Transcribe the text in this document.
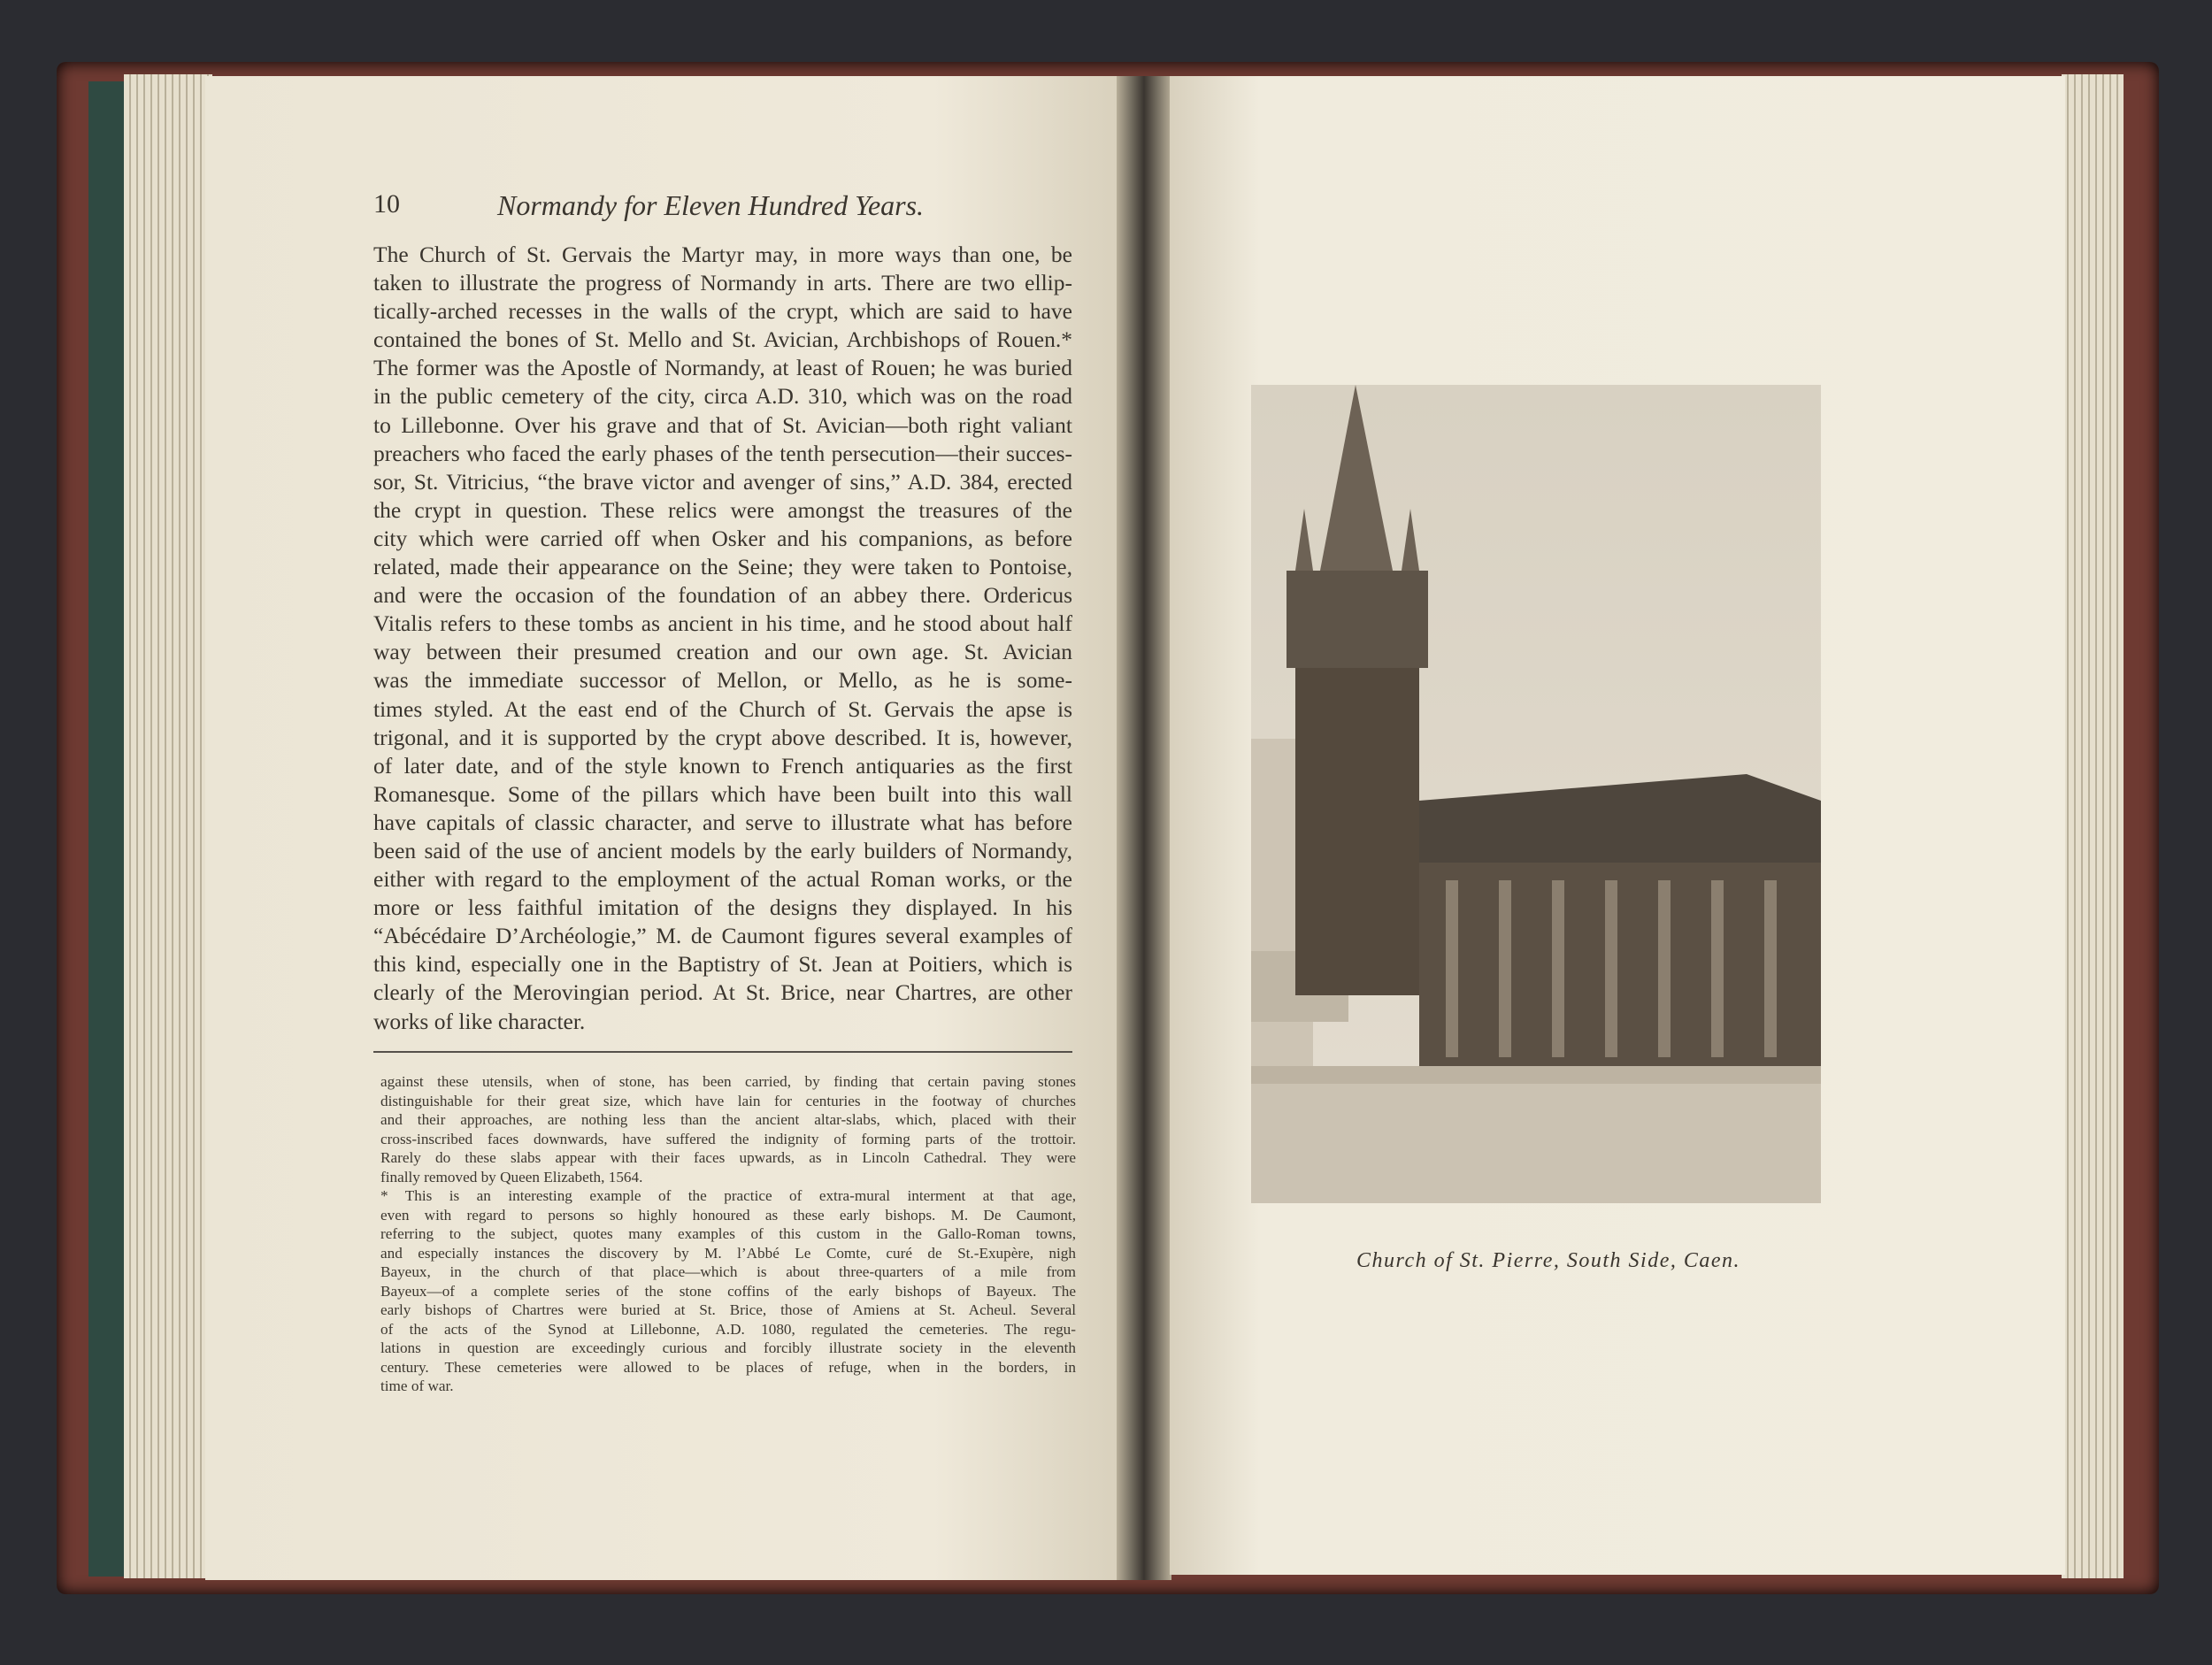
10	Normandy for Eleven Hundred Years.
The Church of St. Gervais the Martyr may, in more ways than one, be
taken to illustrate the progress of Normandy in arts. There are two ellip-
tically-arched recesses in the walls of the crypt, which are said to have
contained the bones of St. Mello and St. Avician, Archbishops of Rouen.*
The former was the Apostle of Normandy, at least of Rouen; he was buried
in the public cemetery of the city, circa A.D. 310, which was on the road
to Lillebonne. Over his grave and that of St. Avician—both right valiant
preachers who faced the early phases of the tenth persecution—their succes-
sor, St. Vitricius, “the brave victor and avenger of sins,” A.D. 384, erected
the crypt in question. These relics were amongst the treasures of the
city which were carried off when Osker and his companions, as before
related, made their appearance on the Seine; they were taken to Pontoise,
and were the occasion of the foundation of an abbey there. Ordericus
Vitalis refers to these tombs as ancient in his time, and he stood about half
way between their presumed creation and our own age. St. Avician
was the immediate successor of Mellon, or Mello, as he is some-
times styled. At the east end of the Church of St. Gervais the apse is
trigonal, and it is supported by the crypt above described. It is, however,
of later date, and of the style known to French antiquaries as the first
Romanesque. Some of the pillars which have been built into this wall
have capitals of classic character, and serve to illustrate what has before
been said of the use of ancient models by the early builders of Normandy,
either with regard to the employment of the actual Roman works, or the
more or less faithful imitation of the designs they displayed. In his
“Abécédaire D’Archéologie,” M. de Caumont figures several examples of
this kind, especially one in the Baptistry of St. Jean at Poitiers, which is
clearly of the Merovingian period. At St. Brice, near Chartres, are other
works of like character.
against these utensils, when of stone, has been carried, by finding that certain paving stones
distinguishable for their great size, which have lain for centuries in the footway of churches
and their approaches, are nothing less than the ancient altar-slabs, which, placed with their
cross-inscribed faces downwards, have suffered the indignity of forming parts of the trottoir.
Rarely do these slabs appear with their faces upwards, as in Lincoln Cathedral. They were
finally removed by Queen Elizabeth, 1564.
* This is an interesting example of the practice of extra-mural interment at that age,
even with regard to persons so highly honoured as these early bishops. M. De Caumont,
referring to the subject, quotes many examples of this custom in the Gallo-Roman towns,
and especially instances the discovery by M. l’Abbé Le Comte, curé de St.-Exupère, nigh
Bayeux, in the church of that place—which is about three-quarters of a mile from
Bayeux—of a complete series of the stone coffins of the early bishops of Bayeux. The
early bishops of Chartres were buried at St. Brice, those of Amiens at St. Acheul. Several
of the acts of the Synod at Lillebonne, A.D. 1080, regulated the cemeteries. The regu-
lations in question are exceedingly curious and forcibly illustrate society in the eleventh
century. These cemeteries were allowed to be places of refuge, when in the borders, in
time of war.
Church of St. Pierre, South Side, Caen.
